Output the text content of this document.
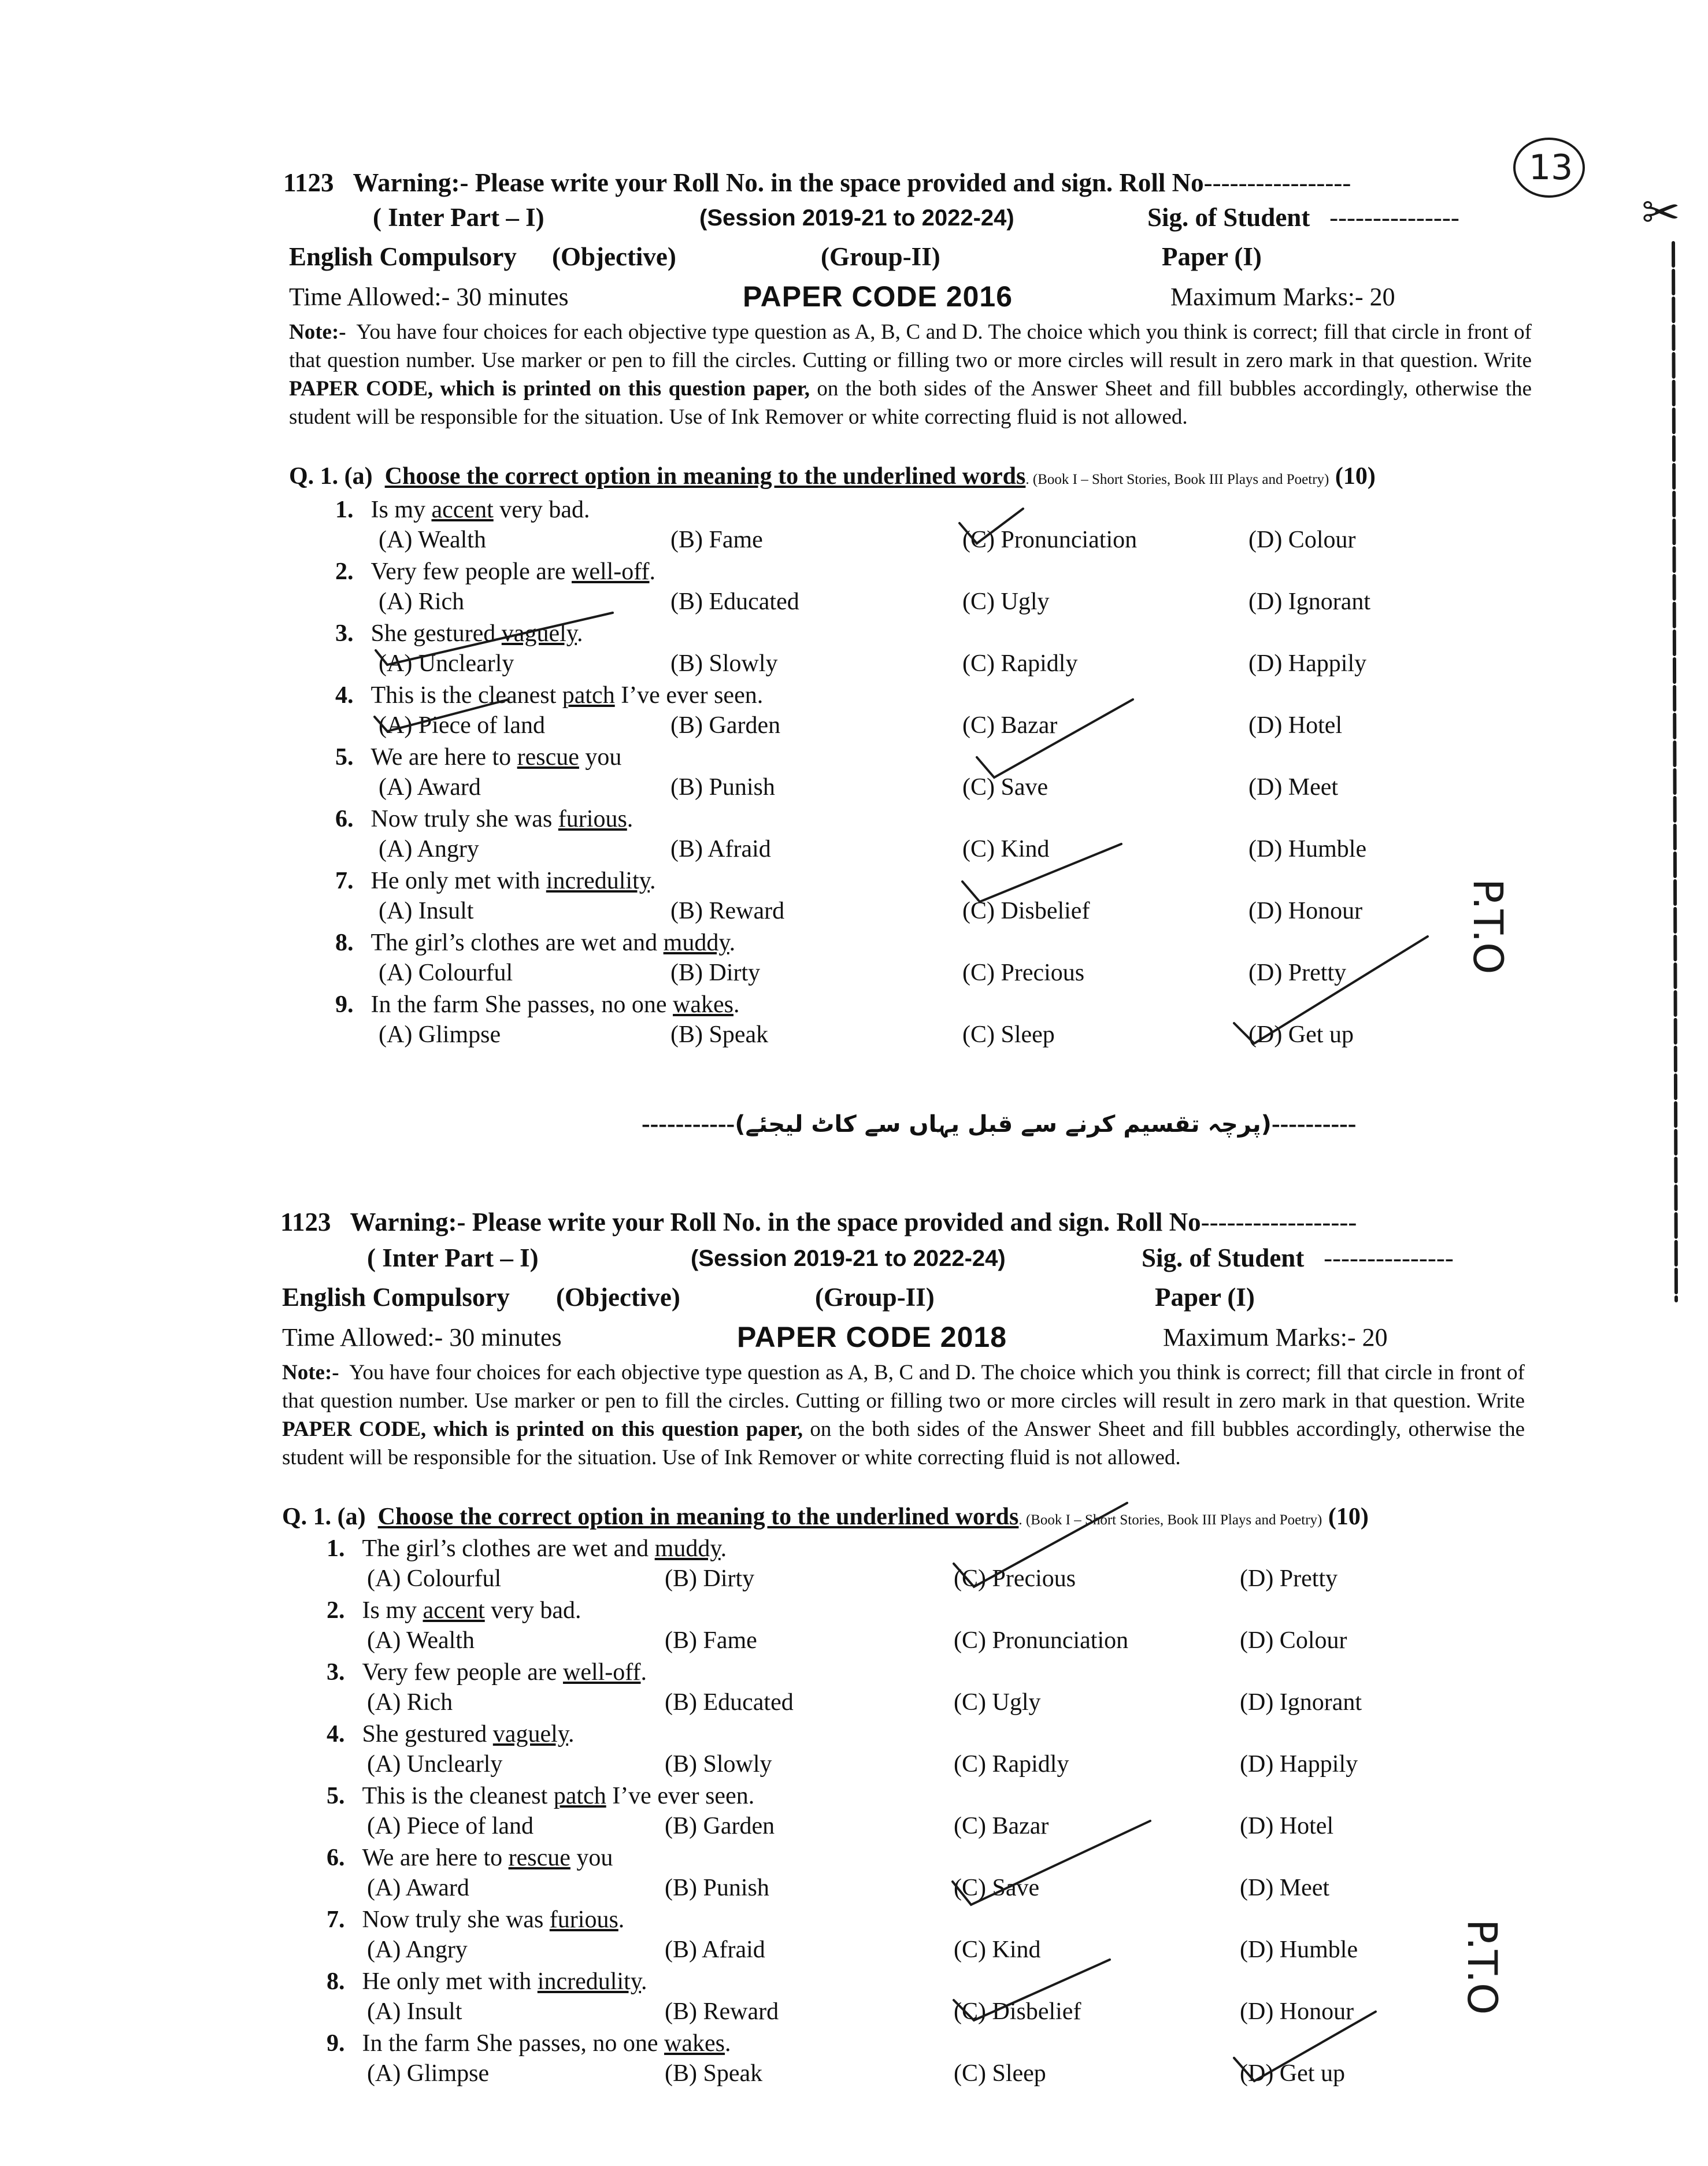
1123 Warning:- Please write your Roll No. in the space provided and sign. Roll No-----------------
( Inter Part – I)	(Session 2019-21 to 2022-24)	Sig. of Student ---------------
English Compulsory (Objective)	(Group-II)	Paper (I)
Time Allowed:- 30 minutes	PAPER CODE 2016	Maximum Marks:- 20
Note:- You have four choices for each objective type question as A, B, C and D. The choice which you think is correct; fill that circle in front of that question number. Use marker or pen to fill the circles. Cutting or filling two or more circles will result in zero mark in that question. Write PAPER CODE, which is printed on this question paper, on the both sides of the Answer Sheet and fill bubbles accordingly, otherwise the student will be responsible for the situation. Use of Ink Remover or white correcting fluid is not allowed.
Q. 1. (a) Choose the correct option in meaning to the underlined words. (Book I – Short Stories, Book III Plays and Poetry) (10)
1. Is my accent very bad.
(A) Wealth	(B) Fame	(C) Pronunciation	(D) Colour
2. Very few people are well-off.
(A) Rich	(B) Educated	(C) Ugly	(D) Ignorant
3. She gestured vaguely.
(A) Unclearly	(B) Slowly	(C) Rapidly	(D) Happily
4. This is the cleanest patch I’ve ever seen.
(A) Piece of land	(B) Garden	(C) Bazar	(D) Hotel
5. We are here to rescue you
(A) Award	(B) Punish	(C) Save	(D) Meet
6. Now truly she was furious.
(A) Angry	(B) Afraid	(C) Kind	(D) Humble
7. He only met with incredulity.
(A) Insult	(B) Reward	(C) Disbelief	(D) Honour
8. The girl’s clothes are wet and muddy.
(A) Colourful	(B) Dirty	(C) Precious	(D) Pretty
9. In the farm She passes, no one wakes.
(A) Glimpse	(B) Speak	(C) Sleep	(D) Get up
-----------(پرچہ تقسیم کرنے سے قبل یہاں سے کاٹ لیجئے)----------
1123 Warning:- Please write your Roll No. in the space provided and sign. Roll No------------------
( Inter Part – I)	(Session 2019-21 to 2022-24)	Sig. of Student ---------------
English Compulsory (Objective)	(Group-II)	Paper (I)
Time Allowed:- 30 minutes	PAPER CODE 2018	Maximum Marks:- 20
Note:- You have four choices for each objective type question as A, B, C and D. The choice which you think is correct; fill that circle in front of that question number. Use marker or pen to fill the circles. Cutting or filling two or more circles will result in zero mark in that question. Write PAPER CODE, which is printed on this question paper, on the both sides of the Answer Sheet and fill bubbles accordingly, otherwise the student will be responsible for the situation. Use of Ink Remover or white correcting fluid is not allowed.
Q. 1. (a) Choose the correct option in meaning to the underlined words. (Book I – Short Stories, Book III Plays and Poetry) (10)
1. The girl’s clothes are wet and muddy.
(A) Colourful	(B) Dirty	(C) Precious	(D) Pretty
2. Is my accent very bad.
(A) Wealth	(B) Fame	(C) Pronunciation	(D) Colour
3. Very few people are well-off.
(A) Rich	(B) Educated	(C) Ugly	(D) Ignorant
4. She gestured vaguely.
(A) Unclearly	(B) Slowly	(C) Rapidly	(D) Happily
5. This is the cleanest patch I’ve ever seen.
(A) Piece of land	(B) Garden	(C) Bazar	(D) Hotel
6. We are here to rescue you
(A) Award	(B) Punish	(C) Save	(D) Meet
7. Now truly she was furious.
(A) Angry	(B) Afraid	(C) Kind	(D) Humble
8. He only met with incredulity.
(A) Insult	(B) Reward	(C) Disbelief	(D) Honour
9. In the farm She passes, no one wakes.
(A) Glimpse	(B) Speak	(C) Sleep	(D) Get up
13
✂
P.T.O
P.T.O
